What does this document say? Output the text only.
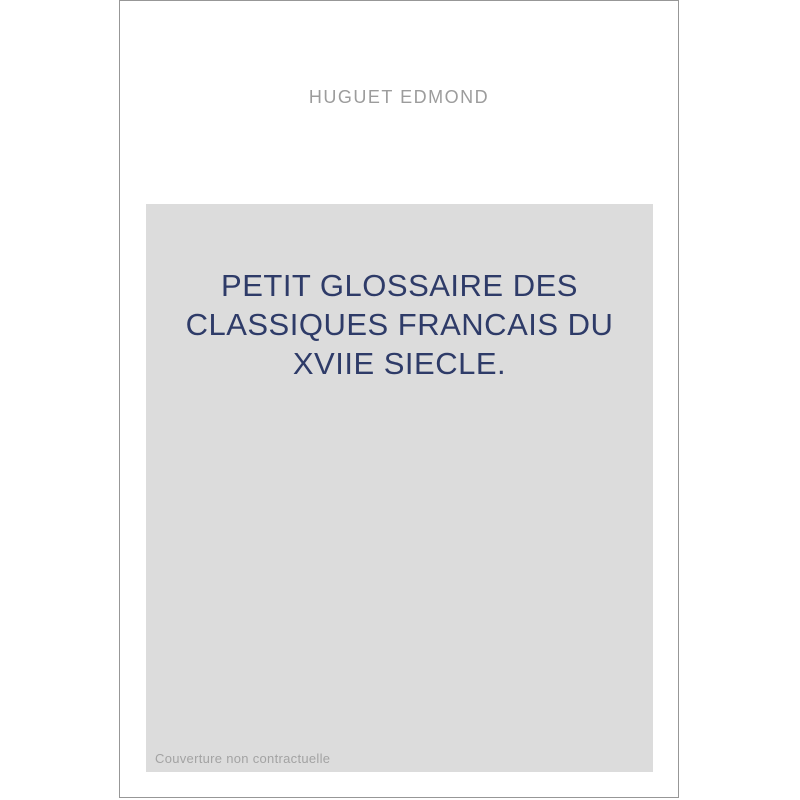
HUGUET EDMOND
PETIT GLOSSAIRE DES
CLASSIQUES FRANCAIS DU
XVIIE SIECLE.
Couverture non contractuelle
